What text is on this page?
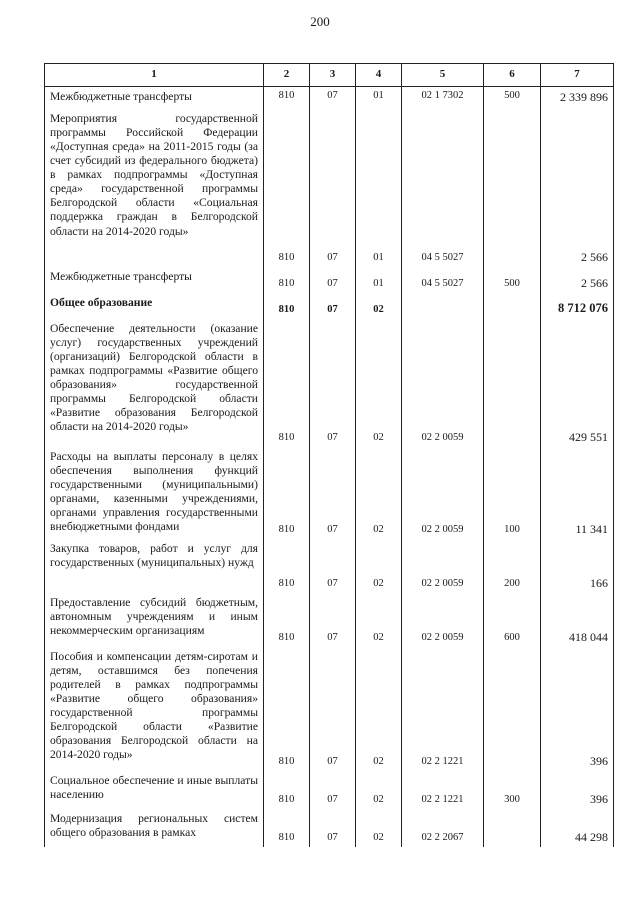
200
1	2	3	4	5	6	7
Межбюджетные трансферты	810	07	01	02 1 7302	500	2 339 896
Мероприятия государственной программы Российской Федерации «Доступная среда» на 2011-2015 годы (за счет субсидий из федерального бюджета) в рамках подпрограммы «Доступная среда» государственной программы Белгородской области «Социальная поддержка граждан в Белгородской области на 2014-2020 годы»	810	07	01	04 5 5027		2 566
Межбюджетные трансферты	810	07	01	04 5 5027	500	2 566
Общее образование	810	07	02			8 712 076
Обеспечение деятельности (оказание услуг) государственных учреждений (организаций) Белгородской области в рамках подпрограммы «Развитие общего образования» государственной программы Белгородской области «Развитие образования Белгородской области на 2014-2020 годы»	810	07	02	02 2 0059		429 551
Расходы на выплаты персоналу в целях обеспечения выполнения функций государственными (муниципальными) органами, казенными учреждениями, органами управления государственными внебюджетными фондами	810	07	02	02 2 0059	100	11 341
Закупка товаров, работ и услуг для государственных (муниципальных) нужд	810	07	02	02 2 0059	200	166
Предоставление субсидий бюджетным, автономным учреждениям и иным некоммерческим организациям	810	07	02	02 2 0059	600	418 044
Пособия и компенсации детям-сиротам и детям, оставшимся без попечения родителей в рамках подпрограммы «Развитие общего образования» государственной программы Белгородской области «Развитие образования Белгородской области на 2014-2020 годы»	810	07	02	02 2 1221		396
Социальное обеспечение и иные выплаты населению	810	07	02	02 2 1221	300	396
Модернизация региональных систем общего образования в рамках	810	07	02	02 2 2067		44 298
